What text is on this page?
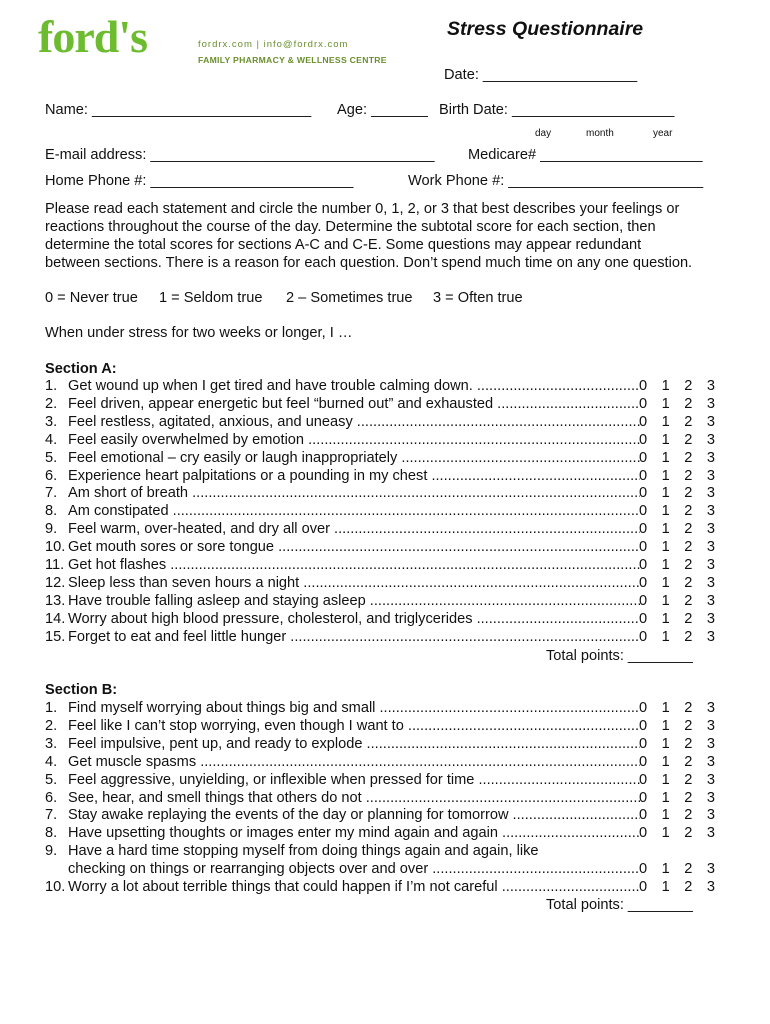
ford's	fordrx.com | info@fordrx.com
FAMILY PHARMACY & WELLNESS CENTRE
Stress Questionnaire
Date: ___________________
Name: ___________________________ Age: _______ Birth Date: ____________________
day	month	year
E-mail address: ___________________________________ Medicare# ____________________
Home Phone #: _________________________	Work Phone #: ________________________
Please read each statement and circle the number 0, 1, 2, or 3 that best describes your feelings or
reactions throughout the course of the day. Determine the subtotal score for each section, then
determine the total scores for sections A-C and C-E. Some questions may appear redundant
between sections. There is a reason for each question. Don’t spend much time on any one question.
0 = Never true 1 = Seldom true 2 – Sometimes true 3 = Often true
When under stress for two weeks or longer, I …
Section A:
1. Get wound up when I get tired and have trouble calming down. .....	0 1 2 3
2. Feel driven, appear energetic but feel “burned out” and exhausted .....	0 1 2 3
3. Feel restless, agitated, anxious, and uneasy .....	0 1 2 3
4. Feel easily overwhelmed by emotion .....	0 1 2 3
5. Feel emotional – cry easily or laugh inappropriately .....	0 1 2 3
6. Experience heart palpitations or a pounding in my chest .....	0 1 2 3
7. Am short of breath .....	0 1 2 3
8. Am constipated .....	0 1 2 3
9. Feel warm, over-heated, and dry all over .....	0 1 2 3
10. Get mouth sores or sore tongue .....	0 1 2 3
11. Get hot flashes .....	0 1 2 3
12. Sleep less than seven hours a night .....	0 1 2 3
13. Have trouble falling asleep and staying asleep .....	0 1 2 3
14. Worry about high blood pressure, cholesterol, and triglycerides .....	0 1 2 3
15. Forget to eat and feel little hunger .....	0 1 2 3
Total points: ________
Section B:
1. Find myself worrying about things big and small .....	0 1 2 3
2. Feel like I can’t stop worrying, even though I want to .....	0 1 2 3
3. Feel impulsive, pent up, and ready to explode .....	0 1 2 3
4. Get muscle spasms .....	0 1 2 3
5. Feel aggressive, unyielding, or inflexible when pressed for time .....	0 1 2 3
6. See, hear, and smell things that others do not .....	0 1 2 3
7. Stay awake replaying the events of the day or planning for tomorrow .....	0 1 2 3
8. Have upsetting thoughts or images enter my mind again and again .....	0 1 2 3
9. Have a hard time stopping myself from doing things again and again, like
checking on things or rearranging objects over and over .....	0 1 2 3
10. Worry a lot about terrible things that could happen if I’m not careful .....	0 1 2 3
Total points: ________
